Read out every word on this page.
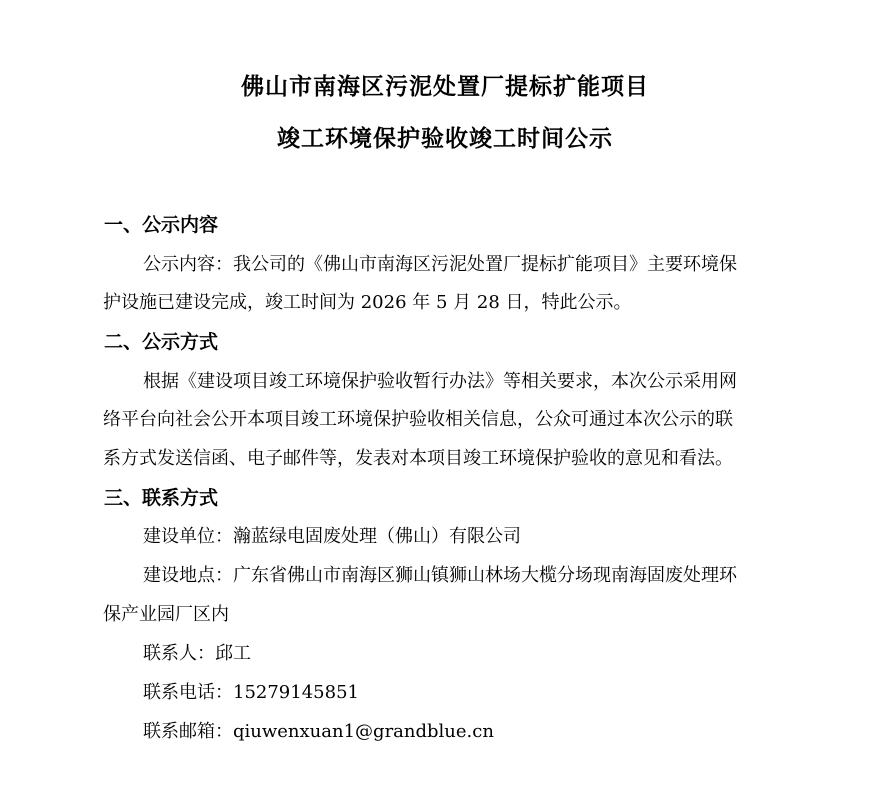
佛山市南海区污泥处置厂提标扩能项目
竣工环境保护验收竣工时间公示
一、公示内容
公示内容：我公司的《佛山市南海区污泥处置厂提标扩能项目》主要环境保
护设施已建设完成，竣工时间为 2026 年 5 月 28 日，特此公示。
二、公示方式
根据《建设项目竣工环境保护验收暂行办法》等相关要求，本次公示采用网
络平台向社会公开本项目竣工环境保护验收相关信息，公众可通过本次公示的联
系方式发送信函、电子邮件等，发表对本项目竣工环境保护验收的意见和看法。
三、联系方式
建设单位：瀚蓝绿电固废处理（佛山）有限公司
建设地点：广东省佛山市南海区狮山镇狮山林场大榄分场现南海固废处理环
保产业园厂区内
联系人：邱工
联系电话：15279145851
联系邮箱：qiuwenxuan1@grandblue.cn
